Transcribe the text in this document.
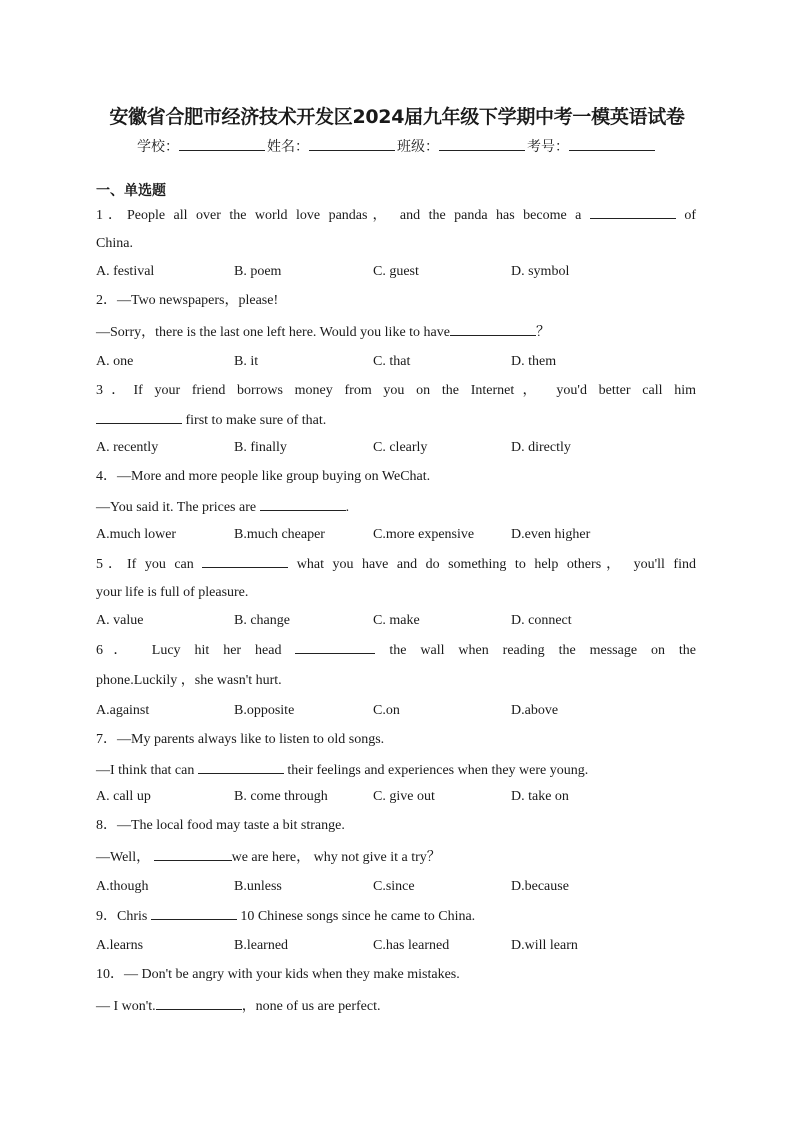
安徽省合肥市经济技术开发区2024届九年级下学期中考一模英语试卷
学校：	姓名：	班级：	考号：
一、单选题
1．People all over the world love pandas， and the panda has become a	of
China.
A. festival	B. poem	C. guest	D. symbol
2．—Two newspapers，please!
—Sorry，there is the last one left here. Would you like to have	？
A. one	B. it	C. that	D. them
3．If your friend borrows money from you on the Internet， you'd better call him
first to make sure of that.
A. recently	B. finally	C. clearly	D. directly
4．—More and more people like group buying on WeChat.
—You said it. The prices are	.
A.much lower	B.much cheaper	C.more expensive	D.even higher
5．If you can	what you have and do something to help others， you'll find
your life is full of pleasure.
A. value	B. change	C. make	D. connect
6． Lucy hit her head	the wall when reading the message on the
phone.Luckily ，she wasn't hurt.
A.against	B.opposite	C.on	D.above
7．—My parents always like to listen to old songs.
—I think that can	their feelings and experiences when they were young.
A. call up	B. come through	C. give out	D. take on
8．—The local food may taste a bit strange.
—Well，	we are here， why not give it a try？
A.though	B.unless	C.since	D.because
9．Chris	10 Chinese songs since he came to China.
A.learns	B.learned	C.has learned	D.will learn
10．— Don't be angry with your kids when they make mistakes.
— I won't.	，none of us are perfect.
